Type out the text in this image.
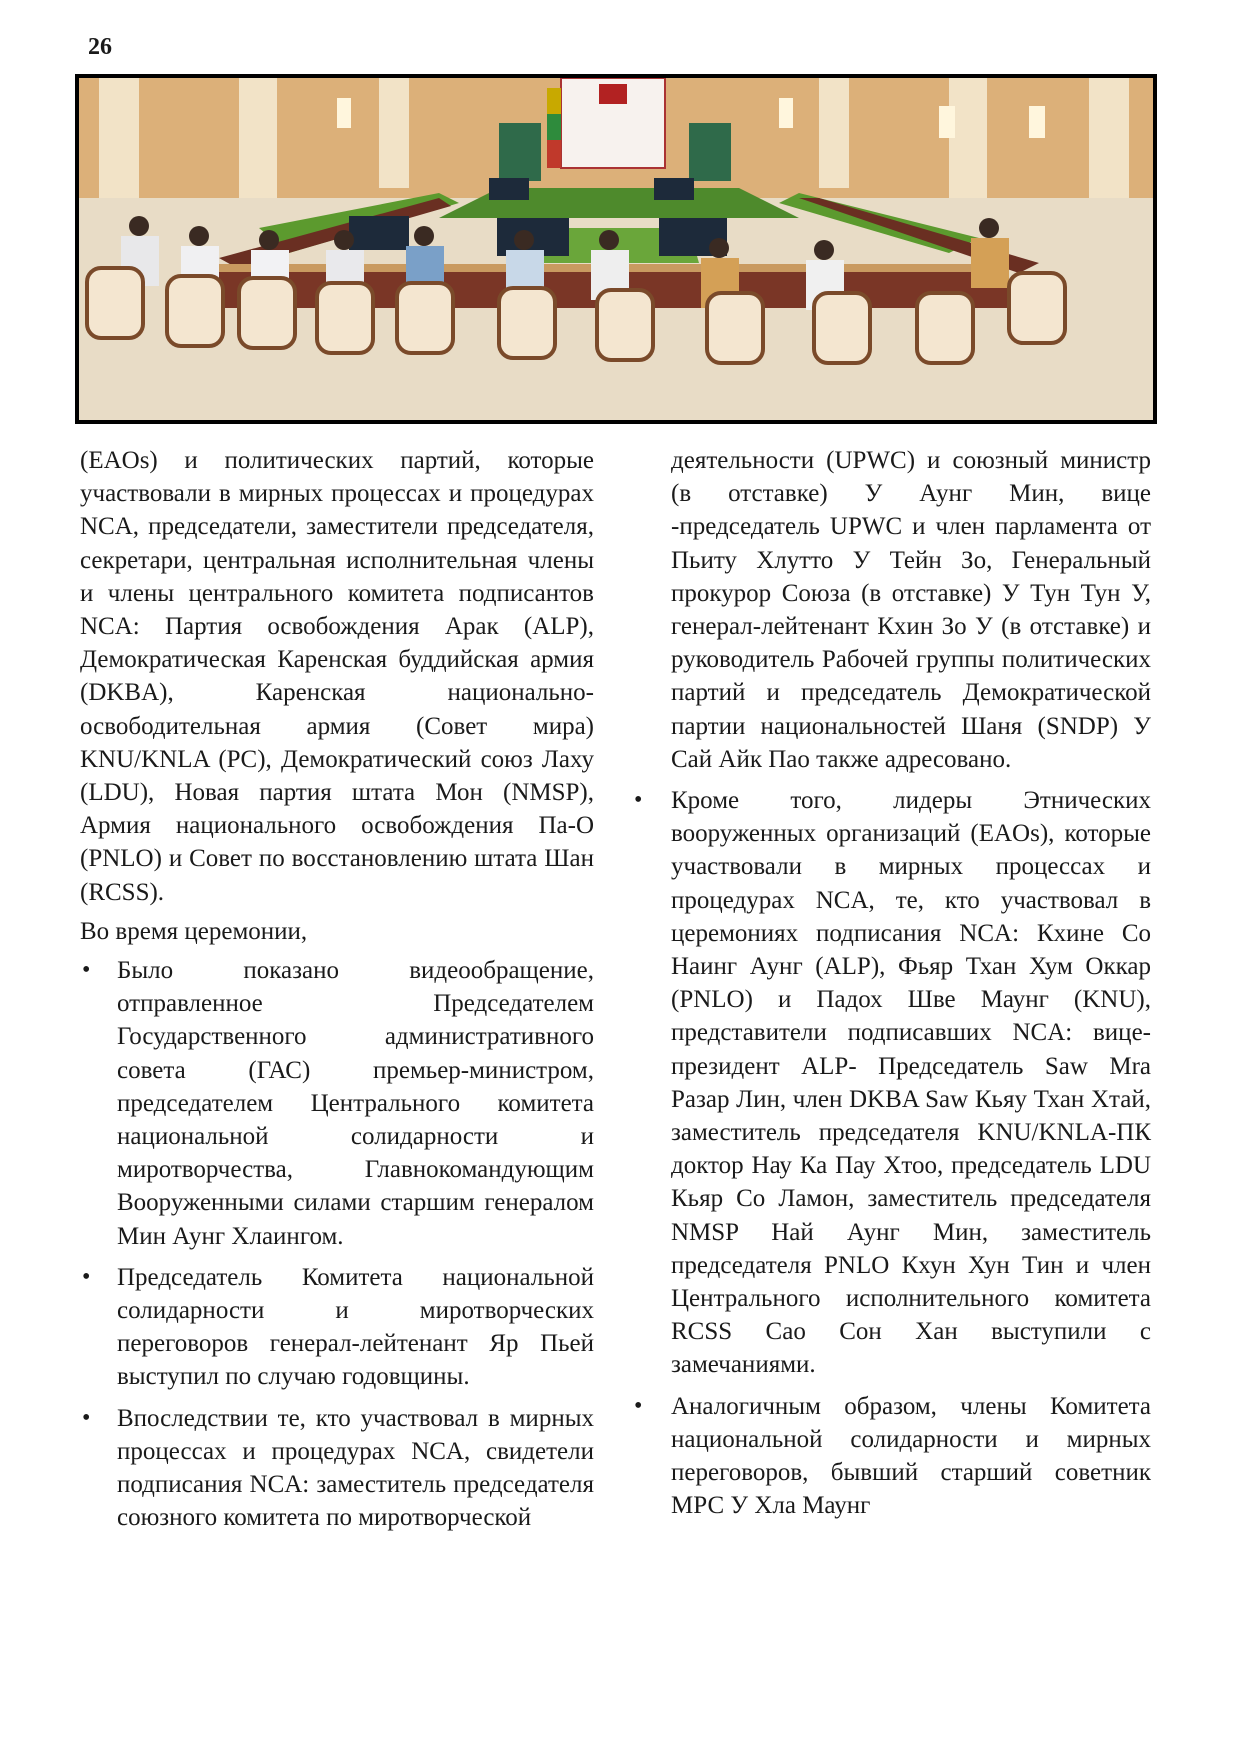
26

(EAOs) и политических партий, которые участвовали в мирных процессах и процедурах NCA, председатели, заместители председателя, секретари, центральная исполнительная члены и члены центрального комитета подписантов NCA: Партия освобождения Арак (ALP), Демократическая Каренская буддийская армия (DKBA), Каренская национально-освободительная армия (Совет мира) KNU/KNLA (PC), Демократический союз Лаху (LDU), Новая партия штата Мон (NMSP), Армия национального освобождения Па-О (PNLO) и Совет по восстановлению штата Шан (RCSS).

Во время церемонии,

• Было показано видеообращение, отправленное Председателем Государственного административного совета (ГАС) премьер-министром, председателем Центрального комитета национальной солидарности и миротворчества, Главнокомандующим Вооруженными силами старшим генералом Мин Аунг Хлаингом.
• Председатель Комитета национальной солидарности и миротворческих переговоров генерал-лейтенант Яр Пьей выступил по случаю годовщины.
• Впоследствии те, кто участвовал в мирных процессах и процедурах NCA, свидетели подписания NCA: заместитель председателя союзного комитета по миротворческой

деятельности (UPWC) и союзный министр (в отставке) У Аунг Мин, вице -председатель UPWC и член парламента от Пьиту Хлутто У Тейн Зо, Генеральный прокурор Союза (в отставке) У Тун Тун У, генерал-лейтенант Кхин Зо У (в отставке) и руководитель Рабочей группы политических партий и председатель Демократической партии национальностей Шаня (SNDP) У Сай Айк Пао также адресовано.

• Кроме того, лидеры Этнических вооруженных организаций (EAOs), которые участвовали в мирных процессах и процедурах NCA, те, кто участвовал в церемониях подписания NCA: Кхине Со Наинг Аунг (ALP), Фьяр Тхан Хум Оккар (PNLO) и Падох Шве Маунг (KNU), представители подписавших NCA: вице-президент ALP- Председатель Saw Mra Разар Лин, член DKBA Saw Кьяу Тхан Хтай, заместитель председателя KNU/KNLA-ПК доктор Нау Ка Пау Хтоо, председатель LDU Кьяр Со Ламон, заместитель председателя NMSP Най Аунг Мин, заместитель председателя PNLO Кхун Хун Тин и член Центрального исполнительного комитета RCSS Сао Сон Хан выступили с замечаниями.
• Аналогичным образом, члены Комитета национальной солидарности и мирных переговоров, бывший старший советник МРС У Хла Маунг
